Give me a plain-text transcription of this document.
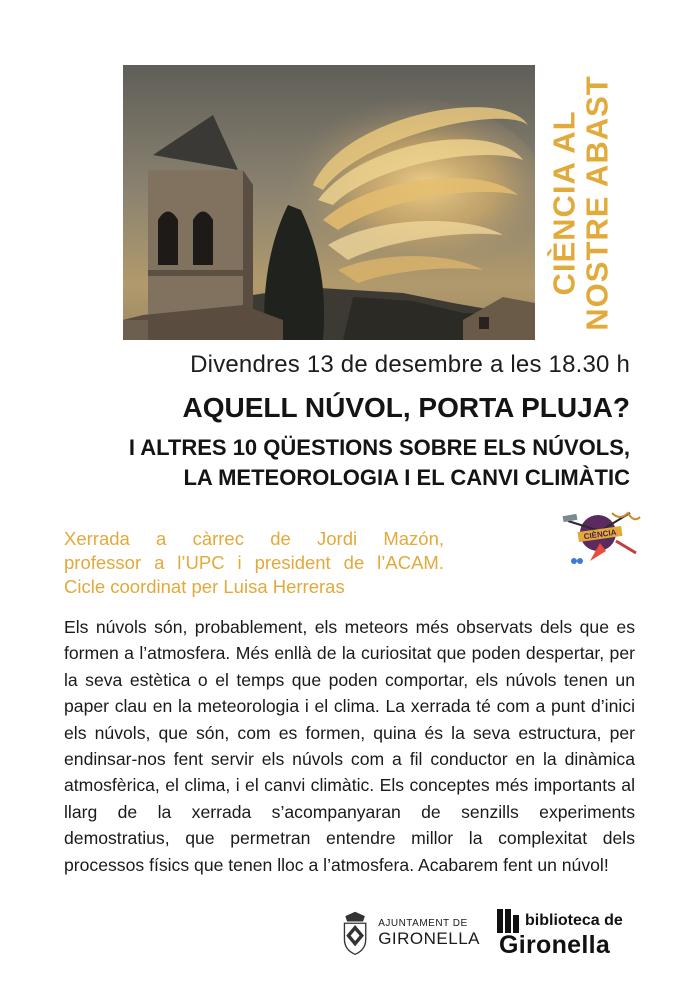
CIÈNCIA AL
NOSTRE ABAST
Divendres 13 de desembre a les 18.30 h
AQUELL NÚVOL, PORTA PLUJA?
I ALTRES 10 QÜESTIONS SOBRE ELS NÚVOLS,
LA METEOROLOGIA I EL CANVI CLIMÀTIC
Xerrada a càrrec de Jordi Mazón,
professor a l’UPC i president de l’ACAM.
Cicle coordinat per Luisa Herreras
CIÈNCIA
Els núvols són, probablement, els meteors més observats dels que es formen a l’atmosfera. Més enllà de la curiositat que poden despertar, per la seva estètica o el temps que poden comportar, els núvols tenen un paper clau en la meteorologia i el clima. La xerrada té com a punt d’inici els núvols, que són, com es formen, quina és la seva estructura, per endinsar-nos fent servir els núvols com a fil conductor en la dinàmica atmosfèrica, el clima, i el canvi climàtic. Els conceptes més importants al llarg de la xerrada s’acompanyaran de senzills experiments demostratius, que permetran entendre millor la complexitat dels processos físics que tenen lloc a l’atmosfera. Acabarem fent un núvol!
AJUNTAMENT DE
GIRONELLA
biblioteca de
Gironella
